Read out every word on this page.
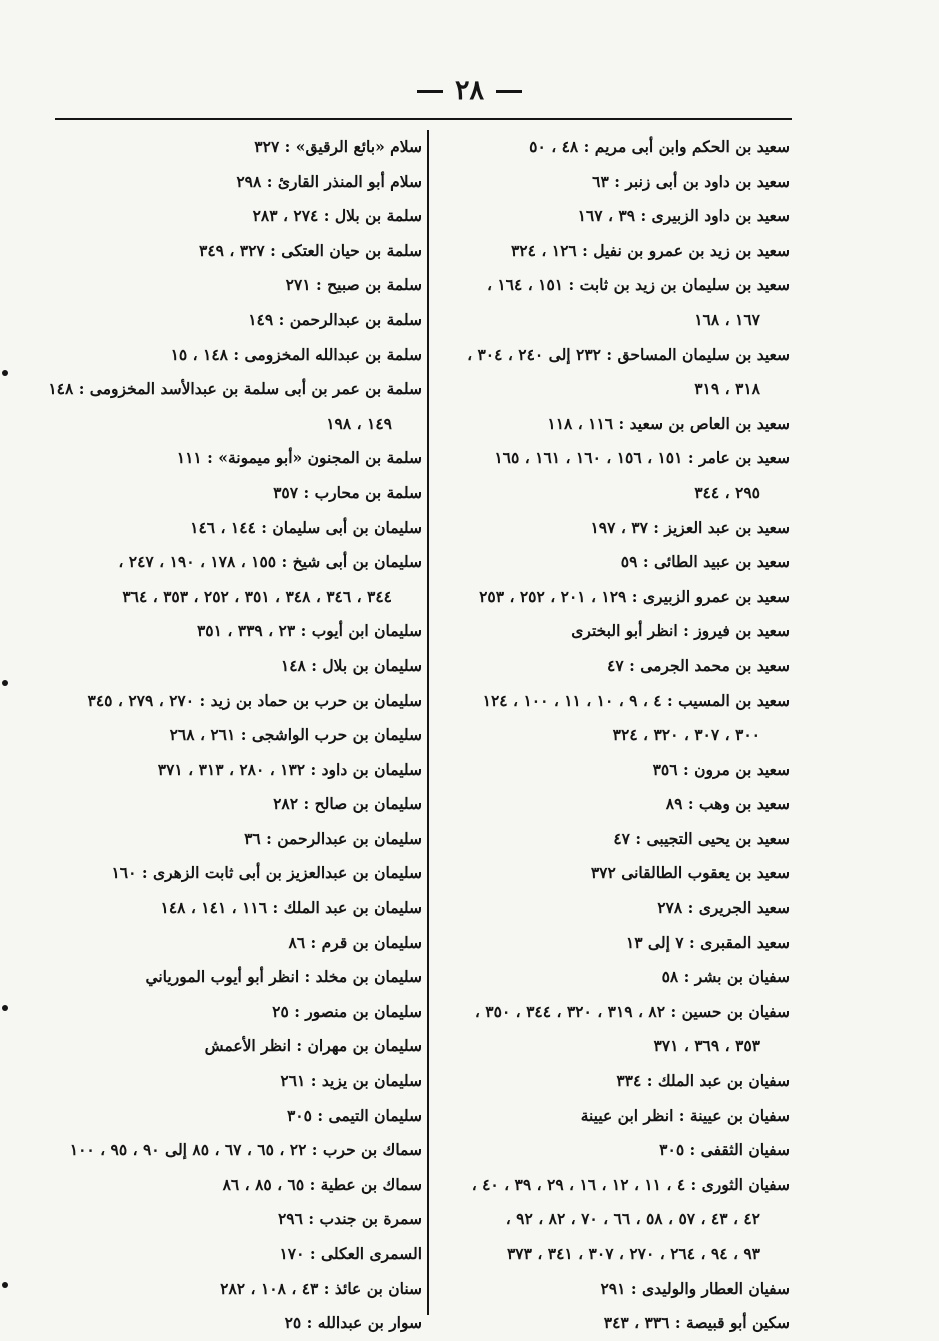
٢٨
سعيد بن الحكم وابن أبى مريم : ٤٨ ، ٥٠
سعيد بن داود بن أبى زنبر : ٦٣
سعيد بن داود الزبيرى : ٣٩ ، ١٦٧
سعيد بن زيد بن عمرو بن نفيل : ١٢٦ ، ٣٢٤
سعيد بن سليمان بن زيد بن ثابت : ١٥١ ، ١٦٤ ،
١٦٧ ، ١٦٨
سعيد بن سليمان المساحق : ٢٣٢ إلى ٢٤٠ ، ٣٠٤ ،
٣١٨ ، ٣١٩
سعيد بن العاص بن سعيد : ١١٦ ، ١١٨
سعيد بن عامر : ١٥١ ، ١٥٦ ، ١٦٠ ، ١٦١ ، ١٦٥
٢٩٥ ، ٣٤٤
سعيد بن عبد العزيز : ٣٧ ، ١٩٧
سعيد بن عبيد الطائى : ٥٩
سعيد بن عمرو الزبيرى : ١٢٩ ، ٢٠١ ، ٢٥٢ ، ٢٥٣
سعيد بن فيروز : انظر أبو البخترى
سعيد بن محمد الجرمى : ٤٧
سعيد بن المسيب : ٤ ، ٩ ، ١٠ ، ١١ ، ١٠٠ ، ١٢٤
٣٠٠ ، ٣٠٧ ، ٣٢٠ ، ٣٢٤
سعيد بن مرون : ٣٥٦
سعيد بن وهب : ٨٩
سعيد بن يحيى التجيبى : ٤٧
سعيد بن يعقوب الطالقانى ٣٧٢
سعيد الجريرى : ٢٧٨
سعيد المقبرى : ٧ إلى ١٣
سفيان بن بشر : ٥٨
سفيان بن حسين : ٨٢ ، ٣١٩ ، ٣٢٠ ، ٣٤٤ ، ٣٥٠ ،
٣٥٣ ، ٣٦٩ ، ٣٧١
سفيان بن عبد الملك : ٣٣٤
سفيان بن عيينة : انظر ابن عيينة
سفيان الثقفى : ٣٠٥
سفيان الثورى : ٤ ، ١١ ، ١٢ ، ١٦ ، ٢٩ ، ٣٩ ، ٤٠ ،
٤٢ ، ٤٣ ، ٥٧ ، ٥٨ ، ٦٦ ، ٧٠ ، ٨٢ ، ٩٢ ،
٩٣ ، ٩٤ ، ٢٦٤ ، ٢٧٠ ، ٣٠٧ ، ٣٤١ ، ٣٧٣
سفيان العطار والوليدى : ٢٩١
سكين أبو قبيصة : ٣٣٦ ، ٣٤٣
سلام «بائع الرقيق» : ٣٢٧
سلام أبو المنذر القارئ : ٢٩٨
سلمة بن بلال : ٢٧٤ ، ٢٨٣
سلمة بن حيان العتكى : ٣٢٧ ، ٣٤٩
سلمة بن صبيح : ٢٧١
سلمة بن عبدالرحمن : ١٤٩
سلمة بن عبدالله المخزومى : ١٤٨ ، ١٥
سلمة بن عمر بن أبى سلمة بن عبدالأسد المخزومى : ١٤٨
١٤٩ ، ١٩٨
سلمة بن المجنون «أبو ميمونة» : ١١١
سلمة بن محارب : ٣٥٧
سليمان بن أبى سليمان : ١٤٤ ، ١٤٦
سليمان بن أبى شيخ : ١٥٥ ، ١٧٨ ، ١٩٠ ، ٢٤٧ ،
٣٤٤ ، ٣٤٦ ، ٣٤٨ ، ٣٥١ ، ٢٥٢ ، ٣٥٣ ، ٣٦٤
سليمان ابن أيوب : ٢٣ ، ٣٣٩ ، ٣٥١
سليمان بن بلال : ١٤٨
سليمان بن حرب بن حماد بن زيد : ٢٧٠ ، ٢٧٩ ، ٣٤٥
سليمان بن حرب الواشجى : ٢٦١ ، ٢٦٨
سليمان بن داود : ١٣٢ ، ٢٨٠ ، ٣١٣ ، ٣٧١
سليمان بن صالح : ٢٨٢
سليمان بن عبدالرحمن : ٣٦
سليمان بن عبدالعزيز بن أبى ثابت الزهرى : ١٦٠
سليمان بن عبد الملك : ١١٦ ، ١٤١ ، ١٤٨
سليمان بن قرم : ٨٦
سليمان بن مخلد : انظر أبو أيوب المورياني
سليمان بن منصور : ٢٥
سليمان بن مهران : انظر الأعمش
سليمان بن يزيد : ٢٦١
سليمان التيمى : ٣٠٥
سماك بن حرب : ٢٢ ، ٦٥ ، ٦٧ ، ٨٥ إلى ٩٠ ، ٩٥ ، ١٠٠
سماك بن عطية : ٦٥ ، ٨٥ ، ٨٦
سمرة بن جندب : ٢٩٦
السمرى العكلى : ١٧٠
سنان بن عائذ : ٤٣ ، ١٠٨ ، ٢٨٢
سوار بن عبدالله : ٢٥
